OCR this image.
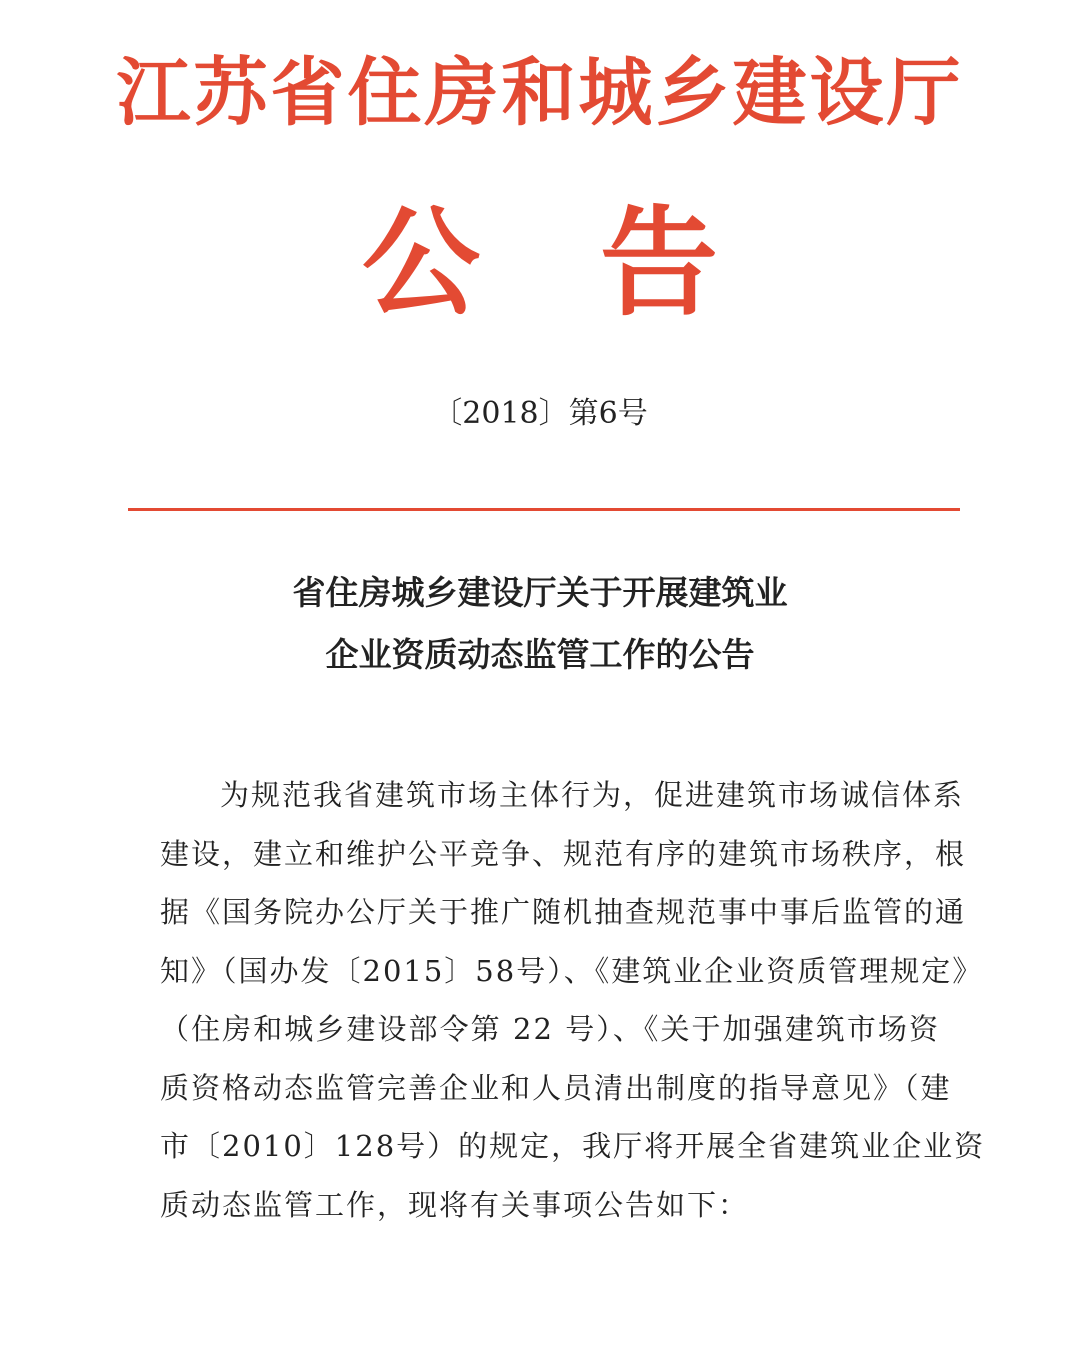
江苏省住房和城乡建设厅
公告
〔2018〕第6号
省住房城乡建设厅关于开展建筑业
企业资质动态监管工作的公告
为规范我省建筑市场主体行为，促进建筑市场诚信体系
建设，建立和维护公平竞争、规范有序的建筑市场秩序，根
据《国务院办公厅关于推广随机抽查规范事中事后监管的通
知》（国办发〔2015〕58号）、《建筑业企业资质管理规定》
（住房和城乡建设部令第 22 号）、《关于加强建筑市场资
质资格动态监管完善企业和人员清出制度的指导意见》（建
市〔2010〕128号）的规定，我厅将开展全省建筑业企业资
质动态监管工作，现将有关事项公告如下：
